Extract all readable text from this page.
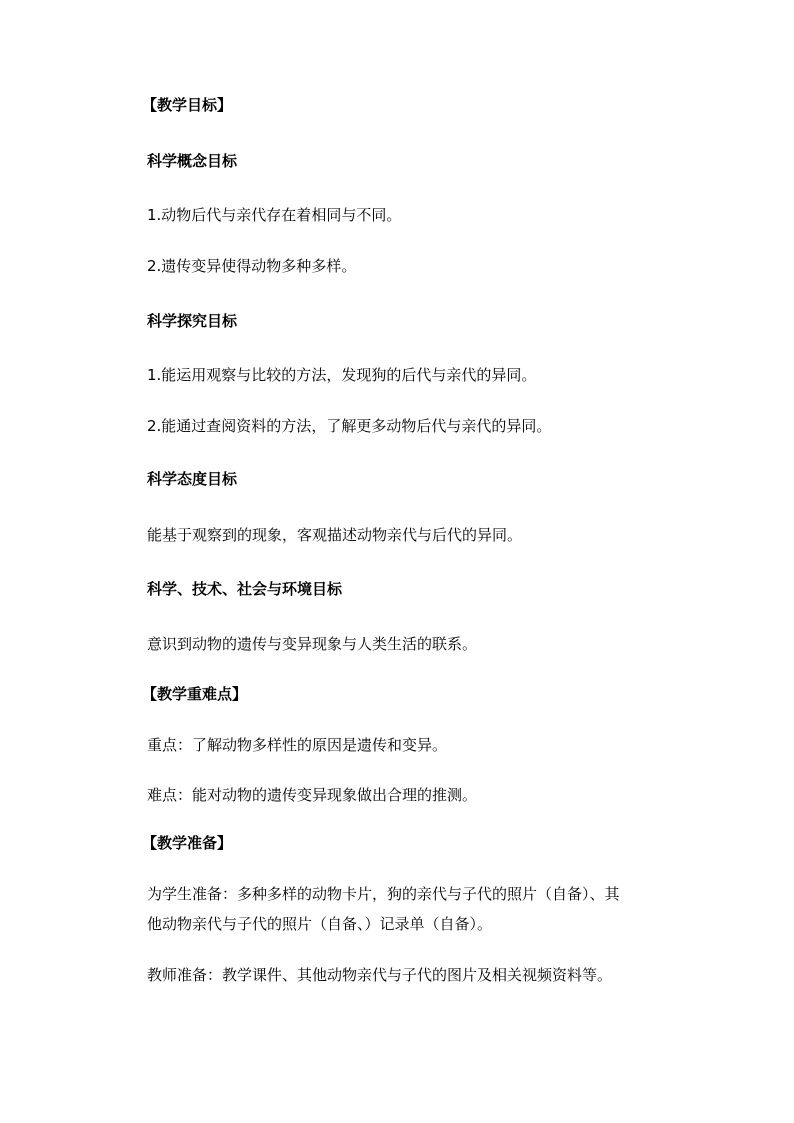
【教学目标】

科学概念目标

1.动物后代与亲代存在着相同与不同。

2.遗传变异使得动物多种多样。

科学探究目标

1.能运用观察与比较的方法，发现狗的后代与亲代的异同。

2.能通过查阅资料的方法，了解更多动物后代与亲代的异同。

科学态度目标

能基于观察到的现象，客观描述动物亲代与后代的异同。

科学、技术、社会与环境目标

意识到动物的遗传与变异现象与人类生活的联系。

【教学重难点】

重点：了解动物多样性的原因是遗传和变异。

难点：能对动物的遗传变异现象做出合理的推测。

【教学准备】

为学生准备：多种多样的动物卡片，狗的亲代与子代的照片（自备）、其

他动物亲代与子代的照片（自备、）记录单（自备）。

教师准备：教学课件、其他动物亲代与子代的图片及相关视频资料等。
